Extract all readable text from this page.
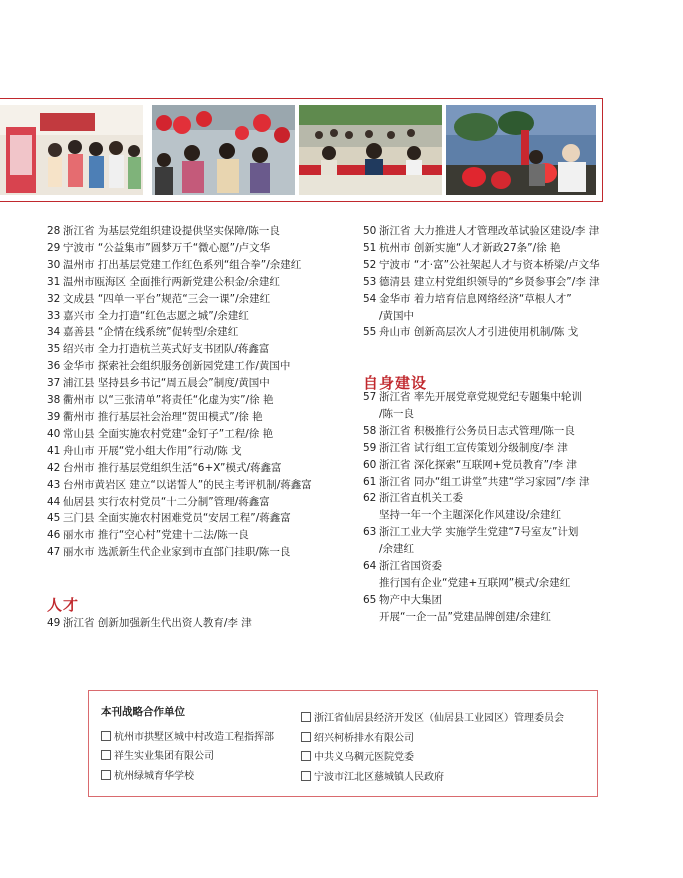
28 浙江省 为基层党组织建设提供坚实保障/陈一良
29 宁波市 “公益集市”圆梦万千“微心愿”/卢文华
30 温州市 打出基层党建工作红色系列“组合拳”/余建红
31 温州市瓯海区 全面推行两新党建公积金/余建红
32 文成县 “四单一平台”规范“三会一课”/余建红
33 嘉兴市 全力打造“红色志愿之城”/余建红
34 嘉善县 “企情在线系统”促转型/余建红
35 绍兴市 全力打造杭兰英式好支书团队/蒋鑫富
36 金华市 探索社会组织服务创新园党建工作/黄国中
37 浦江县 坚持县乡书记“周五晨会”制度/黄国中
38 衢州市 以“三张清单”将责任“化虚为实”/徐 艳
39 衢州市 推行基层社会治理“贺田模式”/徐 艳
40 常山县 全面实施农村党建“金钉子”工程/徐 艳
41 舟山市 开展“党小组大作用”行动/陈 戈
42 台州市 推行基层党组织生活“6+X”模式/蒋鑫富
43 台州市黄岩区 建立“以诺誓人”的民主考评机制/蒋鑫富
44 仙居县 实行农村党员“十二分制”管理/蒋鑫富
45 三门县 全面实施农村困难党员“安居工程”/蒋鑫富
46 丽水市 推行“空心村”党建十二法/陈一良
47 丽水市 选派新生代企业家到市直部门挂职/陈一良
人才
49 浙江省 创新加强新生代出资人教育/李 津
50 浙江省 大力推进人才管理改革试验区建设/李 津
51 杭州市 创新实施“人才新政27条”/徐 艳
52 宁波市 “才·富”公社架起人才与资本桥梁/卢文华
53 德清县 建立村党组织领导的“乡贤参事会”/李 津
54 金华市 着力培育信息网络经济“草根人才”
/黄国中
55 舟山市 创新高层次人才引进使用机制/陈 戈
自身建设
57 浙江省 率先开展党章党规党纪专题集中轮训
/陈一良
58 浙江省 积极推行公务员日志式管理/陈一良
59 浙江省 试行组工宣传策划分级制度/李 津
60 浙江省 深化探索“互联网+党员教育”/李 津
61 浙江省 同办“组工讲堂”共建“学习家园”/李 津
62 浙江省直机关工委
坚持一年一个主题深化作风建设/余建红
63 浙江工业大学 实施学生党建“7号室友”计划
/余建红
64 浙江省国资委
推行国有企业“党建+互联网”模式/余建红
65 物产中大集团
开展“一企一品”党建品牌创建/余建红
本刊战略合作单位
杭州市拱墅区城中村改造工程指挥部
祥生实业集团有限公司
杭州绿城育华学校
浙江省仙居县经济开发区（仙居县工业园区）管理委员会
绍兴柯桥排水有限公司
中共义乌稠元医院党委
宁波市江北区慈城镇人民政府
